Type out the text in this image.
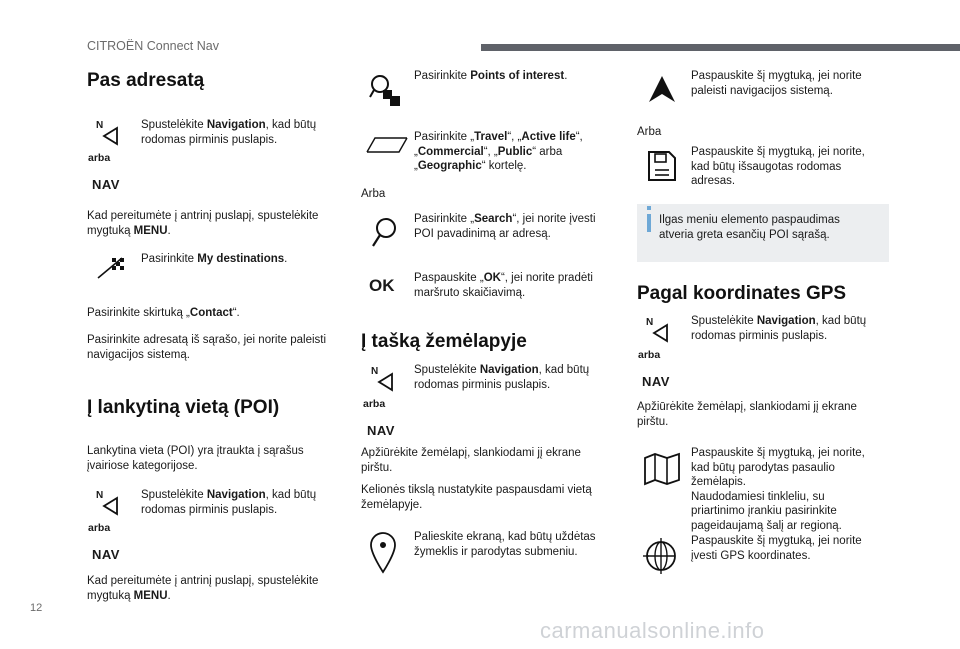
CITROËN Connect Nav
12
carmanualsonline.info
Pas adresatą
N
arba
NAV
Spustelėkite Navigation, kad būtų
rodomas pirminis puslapis.
Kad pereitumėte į antrinį puslapį, spustelėkite
mygtuką MENU.
Pasirinkite My destinations.
Pasirinkite skirtuką „Contact“.
Pasirinkite adresatą iš sąrašo, jei norite paleisti
navigacijos sistemą.
Į lankytiną vietą (POI)
Lankytina vieta (POI) yra įtraukta į sąrašus
įvairiose kategorijose.
N
arba
NAV
Spustelėkite Navigation, kad būtų
rodomas pirminis puslapis.
Kad pereitumėte į antrinį puslapį, spustelėkite
mygtuką MENU.
Pasirinkite Points of interest.
Pasirinkite „Travel“, „Active life“,
„Commercial“, „Public“ arba
„Geographic“ kortelę.
Arba
Pasirinkite „Search“, jei norite įvesti
POI pavadinimą ar adresą.
OK Paspauskite „OK“, jei norite pradėti
maršruto skaičiavimą.
Į tašką žemėlapyje
N
arba
NAV
Spustelėkite Navigation, kad būtų
rodomas pirminis puslapis.
Apžiūrėkite žemėlapį, slankiodami jį ekrane
pirštu.
Kelionės tikslą nustatykite paspausdami vietą
žemėlapyje.
Palieskite ekraną, kad būtų uždėtas
žymeklis ir parodytas submeniu.
Paspauskite šį mygtuką, jei norite
paleisti navigacijos sistemą.
Arba
Paspauskite šį mygtuką, jei norite,
kad būtų išsaugotas rodomas
adresas.
Ilgas meniu elemento paspaudimas
atveria greta esančių POI sąrašą.
Pagal koordinates GPS
N
arba
NAV
Spustelėkite Navigation, kad būtų
rodomas pirminis puslapis.
Apžiūrėkite žemėlapį, slankiodami jį ekrane
pirštu.
Paspauskite šį mygtuką, jei norite,
kad būtų parodytas pasaulio
žemėlapis.
Naudodamiesi tinkleliu, su
priartinimo įrankiu pasirinkite
pageidaujamą šalį ar regioną.
Paspauskite šį mygtuką, jei norite
įvesti GPS koordinates.
